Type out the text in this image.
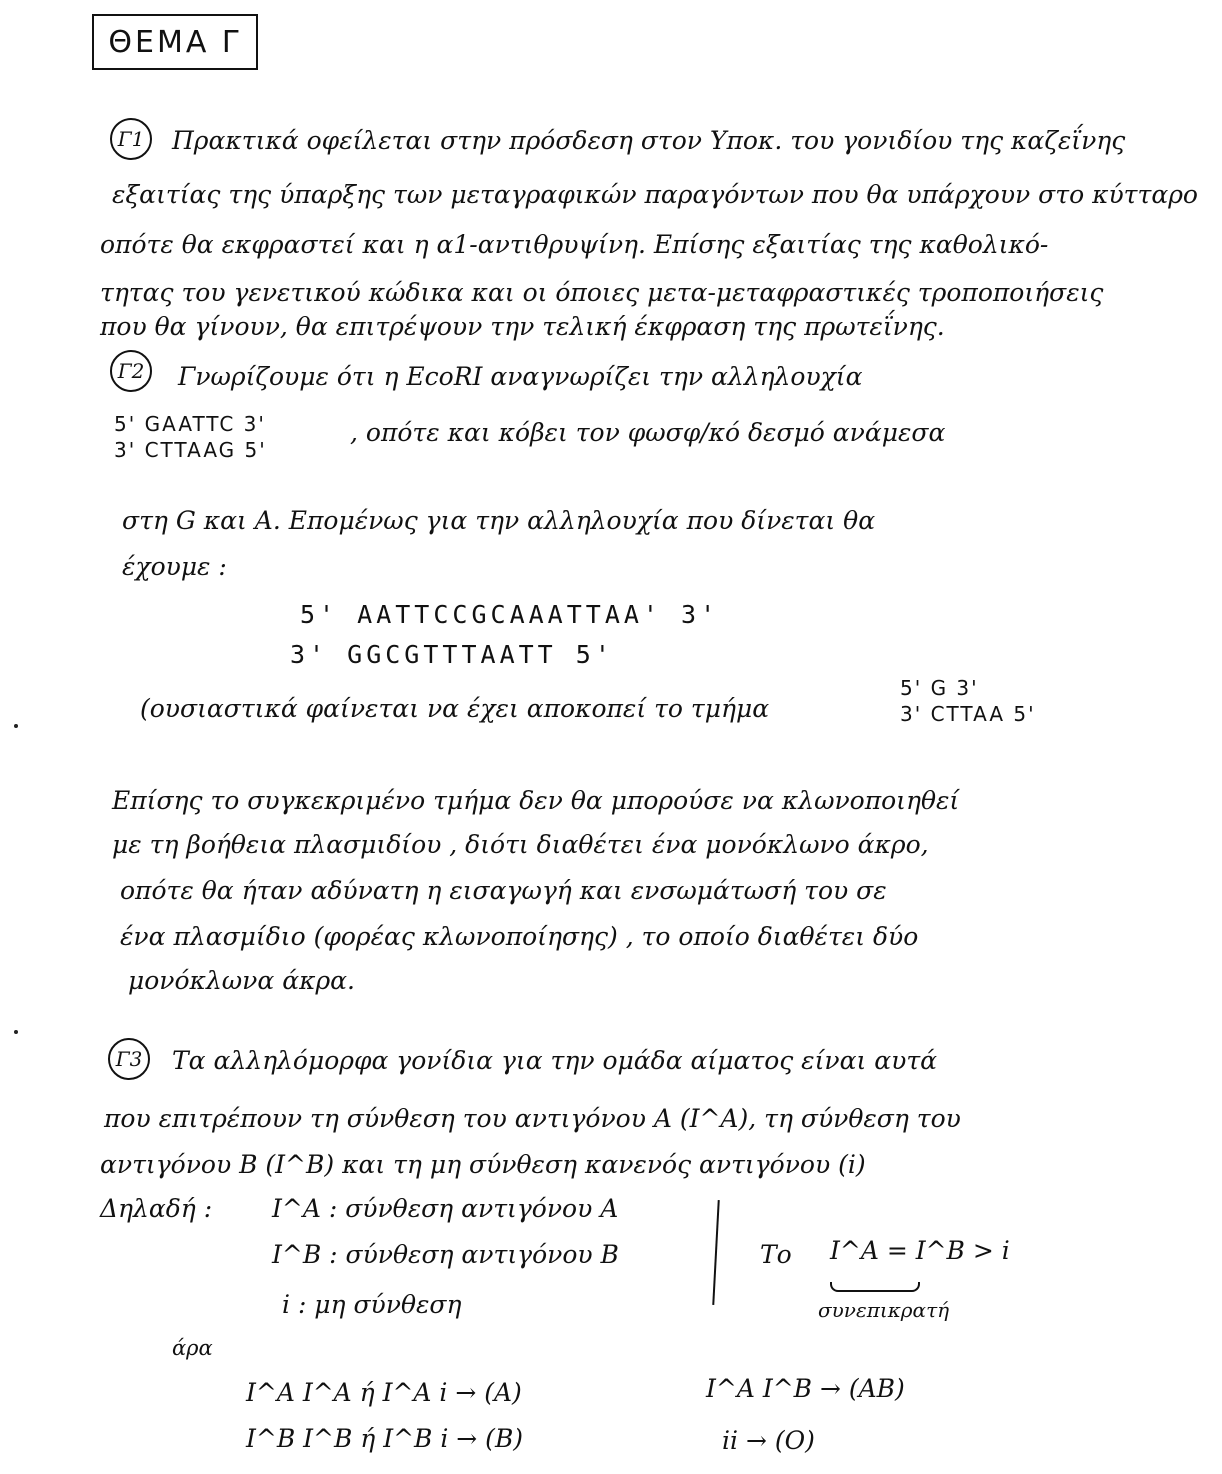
ΘΕΜΑ Γ
Γ1	Πρακτικά οφείλεται στην πρόσδεση στον Υποκ. του γονιδίου της καζεΐνης
εξαιτίας της ύπαρξης των μεταγραφικών παραγόντων που θα υπάρχουν στο κύτταρο
οπότε θα εκφραστεί και η α1-αντιθρυψίνη. Επίσης εξαιτίας της καθολικό-
τητας του γενετικού κώδικα και οι όποιες μετα-μεταφραστικές τροποποιήσεις
που θα γίνουν, θα επιτρέψουν την τελική έκφραση της πρωτεΐνης.
Γ2	Γνωρίζουμε ότι η EcoRI αναγνωρίζει την αλληλουχία
5' GAATTC 3'
3' CTTAAG 5'
, οπότε και κόβει τον φωσφ/κό δεσμό ανάμεσα
στη G και A. Επομένως για την αλληλουχία που δίνεται θα
έχουμε :
5' AATTCCGCAAATTAA' 3'
3' GGCGTTTAATT 5'
(ουσιαστικά φαίνεται να έχει αποκοπεί το τμήμα
5' G 3'
3' CTTAA 5'
Επίσης το συγκεκριμένο τμήμα δεν θα μπορούσε να κλωνοποιηθεί
με τη βοήθεια πλασμιδίου , διότι διαθέτει ένα μονόκλωνο άκρο,
οπότε θα ήταν αδύνατη η εισαγωγή και ενσωμάτωσή του σε
ένα πλασμίδιο (φορέας κλωνοποίησης) , το οποίο διαθέτει δύο
μονόκλωνα άκρα.
Γ3	Τα αλληλόμορφα γονίδια για την ομάδα αίματος είναι αυτά
που επιτρέπουν τη σύνθεση του αντιγόνου A (I^A), τη σύνθεση του
αντιγόνου B (I^B) και τη μη σύνθεση κανενός αντιγόνου (i)
Δηλαδή : I^A : σύνθεση αντιγόνου A
I^B : σύνθεση αντιγόνου B
i : μη σύνθεση
Το I^A = I^B > i
συνεπικρατή
άρα
I^A I^A ή I^A i → (A)
I^B I^B ή I^B i → (B)
I^A I^B → (AB)
ii → (O)
